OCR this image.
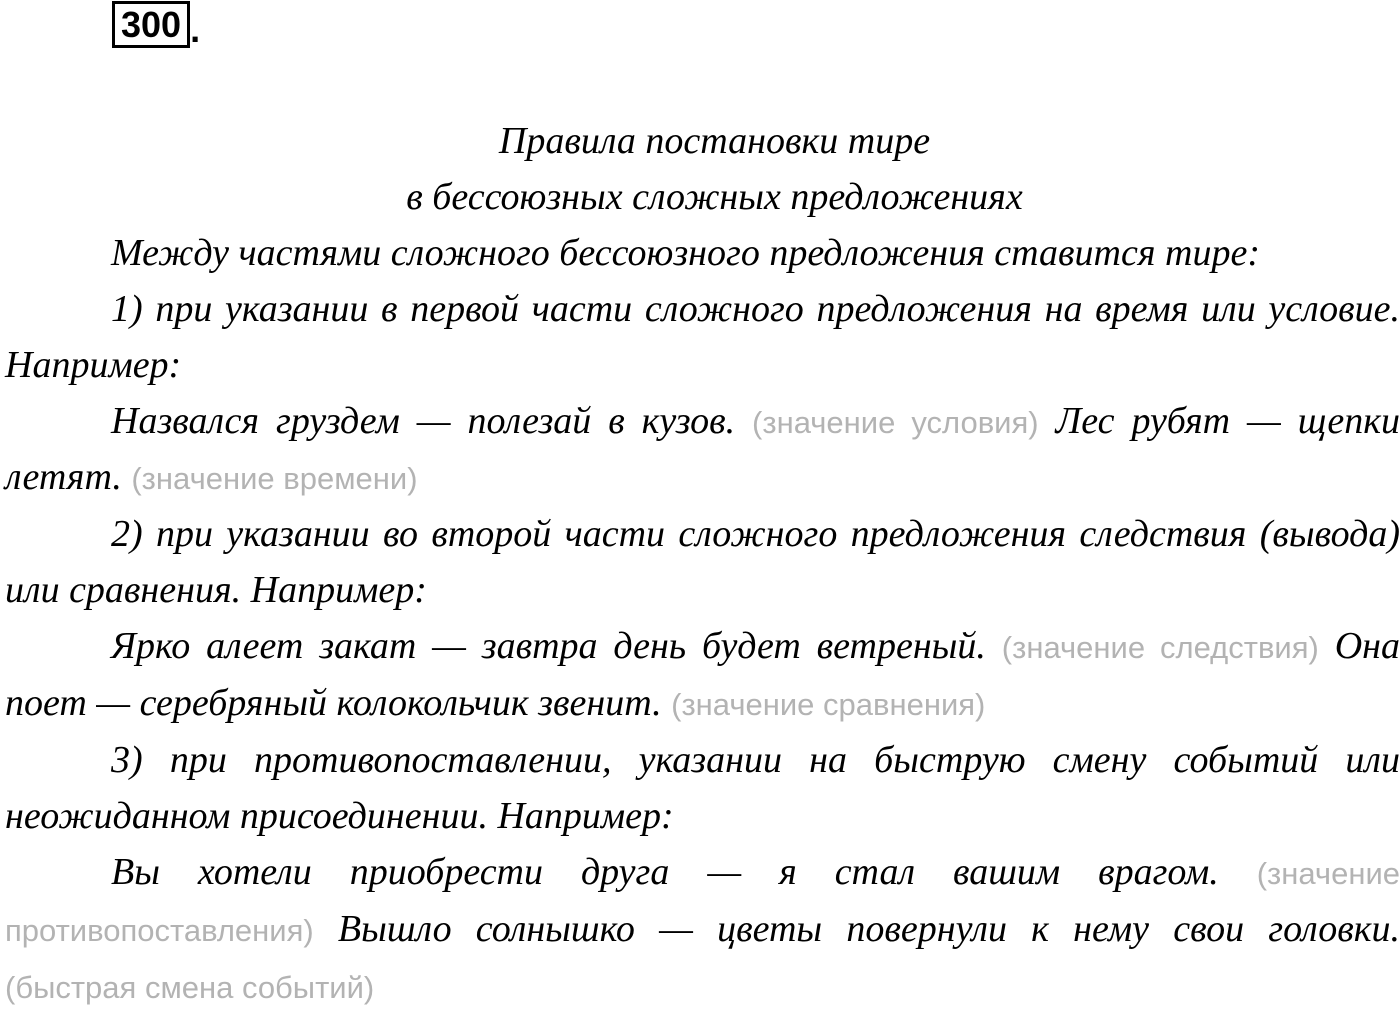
300 .

Правила постановки тире

в бессоюзных сложных предложениях

Между частями сложного бессоюзного предложения ставится тире:

1) при указании в первой части сложного предложения на время или условие. Например:

Назвался груздем — полезай в кузов. (значение условия) Лес рубят — щепки летят. (значение времени)

2) при указании во второй части сложного предложения следствия (вывода) или сравнения. Например:

Ярко алеет закат — завтра день будет ветреный. (значение следствия) Она поет — серебряный колокольчик звенит. (значение сравнения)

3) при противопоставлении, указании на быструю смену событий или неожиданном присоединении. Например:

Вы хотели приобрести друга — я стал вашим врагом. (значение противопоставления) Вышло солнышко — цветы повернули к нему свои головки. (быстрая смена событий)
